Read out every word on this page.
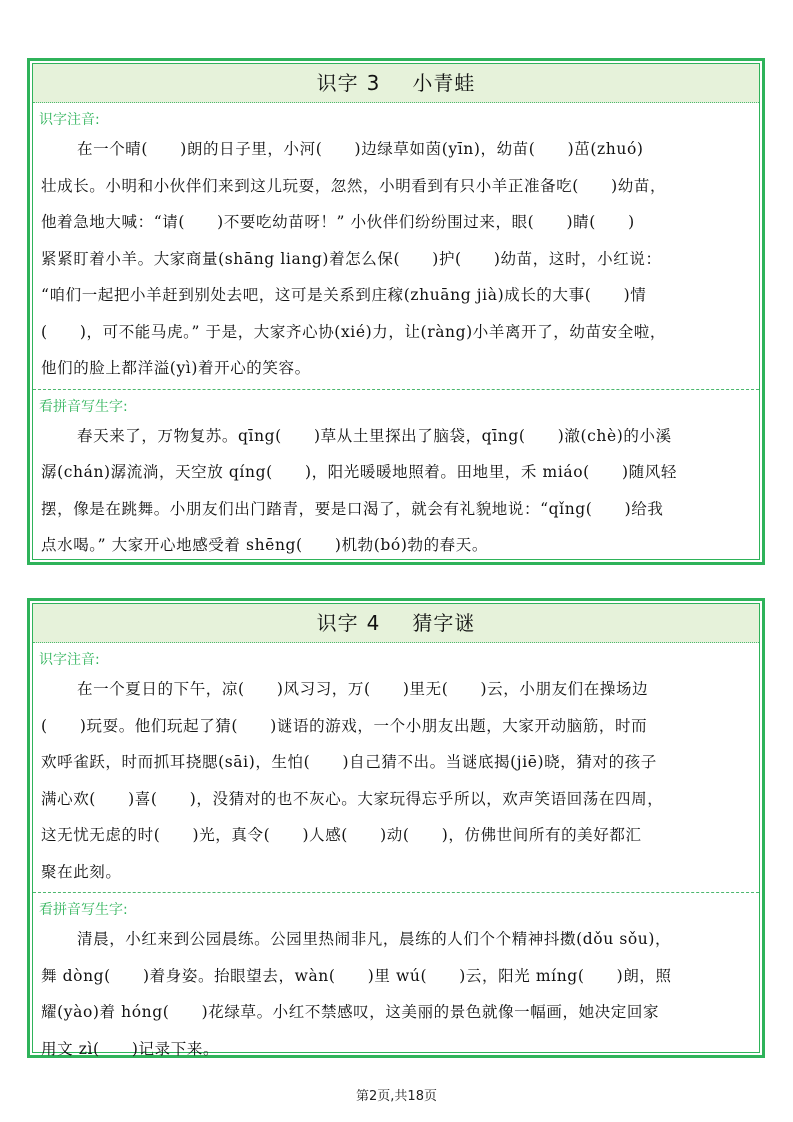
识字 3 小青蛙
识字注音:
在一个晴(　　)朗的日子里，小河(　　)边绿草如茵(yīn)，幼苗(　　)茁(zhuó)
壮成长。小明和小伙伴们来到这儿玩耍，忽然，小明看到有只小羊正准备吃(　　)幼苗，
他着急地大喊：“请(　　)不要吃幼苗呀！” 小伙伴们纷纷围过来，眼(　　)睛(　　)
紧紧盯着小羊。大家商量(shāng liang)着怎么保(　　)护(　　)幼苗，这时，小红说：
“咱们一起把小羊赶到别处去吧，这可是关系到庄稼(zhuāng jià)成长的大事(　　)情
(　　)，可不能马虎。” 于是，大家齐心协(xié)力，让(ràng)小羊离开了，幼苗安全啦，
他们的脸上都洋溢(yì)着开心的笑容。
看拼音写生字:
春天来了，万物复苏。qīng(　　)草从土里探出了脑袋，qīng(　　)澈(chè)的小溪
潺(chán)潺流淌，天空放 qíng(　　)，阳光暖暖地照着。田地里，禾 miáo(　　)随风轻
摆，像是在跳舞。小朋友们出门踏青，要是口渴了，就会有礼貌地说：“qǐng(　　)给我
点水喝。” 大家开心地感受着 shēng(　　)机勃(bó)勃的春天。
识字 4 猜字谜
识字注音:
在一个夏日的下午，凉(　　)风习习，万(　　)里无(　　)云，小朋友们在操场边
(　　)玩耍。他们玩起了猜(　　)谜语的游戏，一个小朋友出题，大家开动脑筋，时而
欢呼雀跃，时而抓耳挠腮(sāi)，生怕(　　)自己猜不出。当谜底揭(jiē)晓，猜对的孩子
满心欢(　　)喜(　　)，没猜对的也不灰心。大家玩得忘乎所以，欢声笑语回荡在四周，
这无忧无虑的时(　　)光，真令(　　)人感(　　)动(　　)，仿佛世间所有的美好都汇
聚在此刻。
看拼音写生字:
清晨，小红来到公园晨练。公园里热闹非凡，晨练的人们个个精神抖擞(dǒu sǒu)，
舞 dòng(　　)着身姿。抬眼望去，wàn(　　)里 wú(　　)云，阳光 míng(　　)朗，照
耀(yào)着 hóng(　　)花绿草。小红不禁感叹，这美丽的景色就像一幅画，她决定回家
用文 zì(　　)记录下来。
第2页,共18页
